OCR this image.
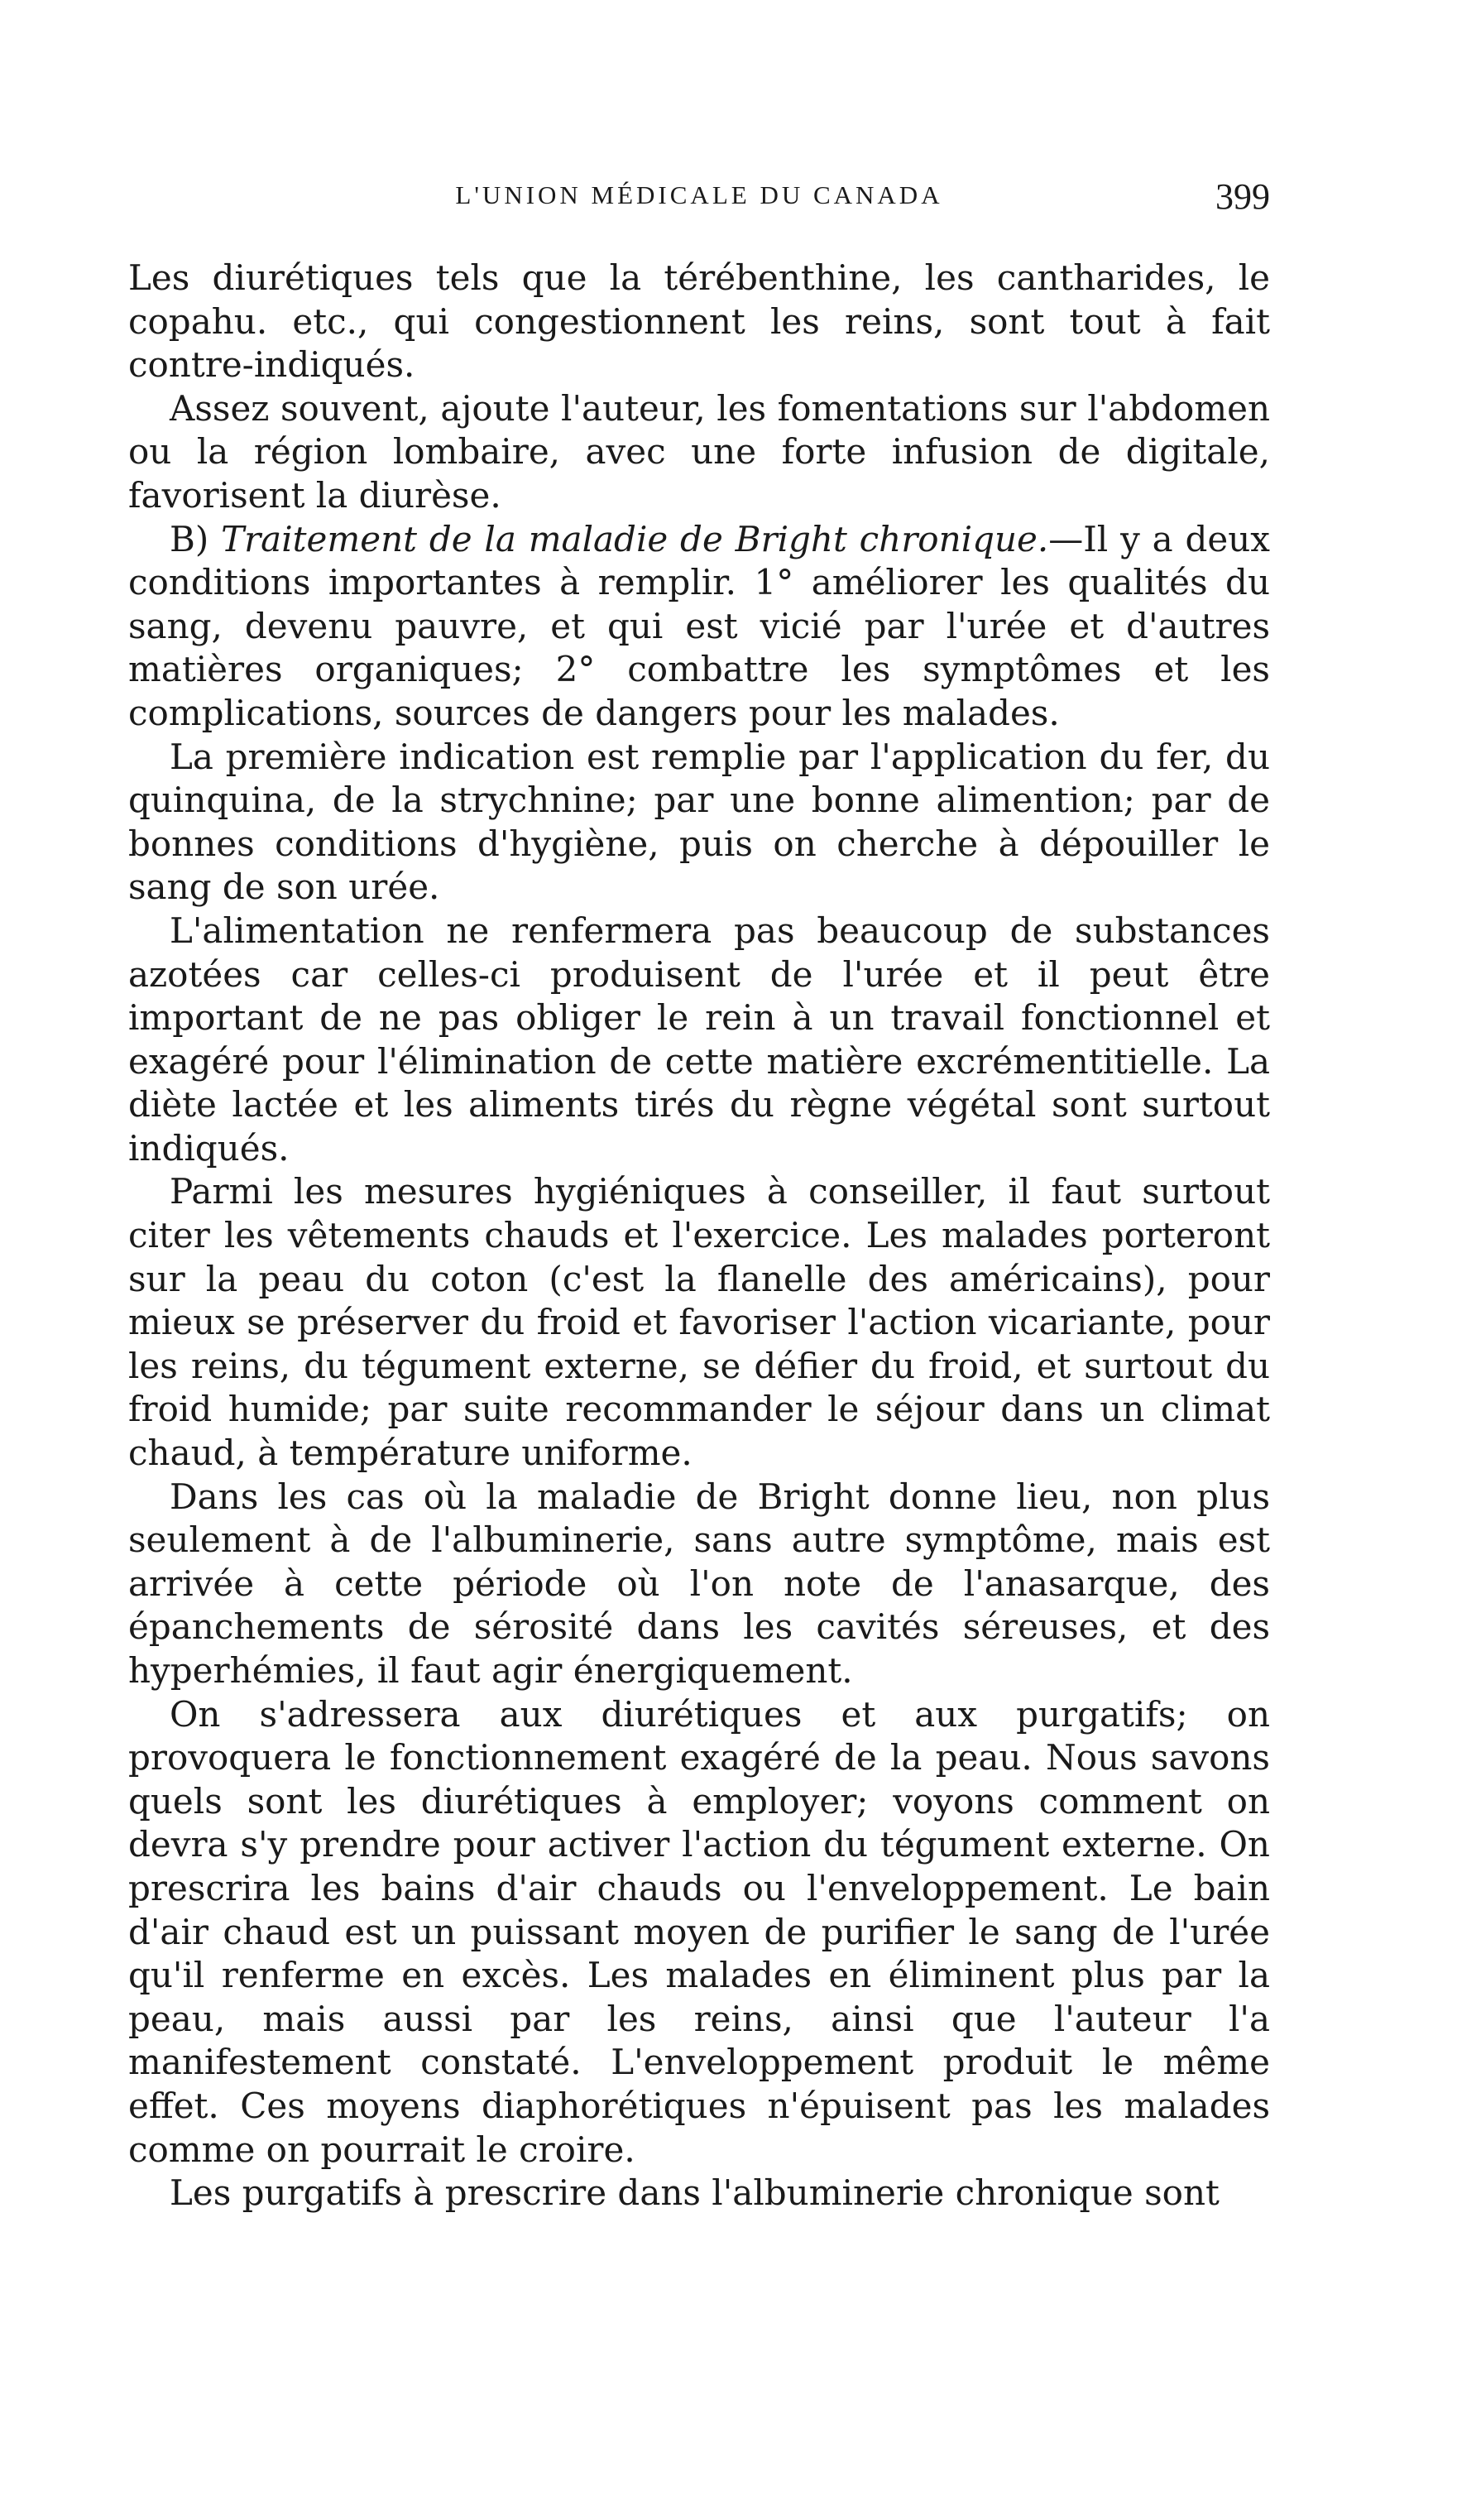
L'UNION MÉDICALE DU CANADA	399

Les diurétiques tels que la térébenthine, les cantharides, le copahu. etc., qui congestionnent les reins, sont tout à fait contre-indiqués.

Assez souvent, ajoute l'auteur, les fomentations sur l'abdomen ou la région lombaire, avec une forte infusion de digitale, favorisent la diurèse.

B) Traitement de la maladie de Bright chronique.—Il y a deux conditions importantes à remplir. 1° améliorer les qualités du sang, devenu pauvre, et qui est vicié par l'urée et d'autres matières organiques; 2° combattre les symptômes et les complications, sources de dangers pour les malades.

La première indication est remplie par l'application du fer, du quinquina, de la strychnine; par une bonne alimention; par de bonnes conditions d'hygiène, puis on cherche à dépouiller le sang de son urée.

L'alimentation ne renfermera pas beaucoup de substances azotées car celles-ci produisent de l'urée et il peut être important de ne pas obliger le rein à un travail fonctionnel et exagéré pour l'élimination de cette matière excrémentitielle. La diète lactée et les aliments tirés du règne végétal sont surtout indiqués.

Parmi les mesures hygiéniques à conseiller, il faut surtout citer les vêtements chauds et l'exercice. Les malades porteront sur la peau du coton (c'est la flanelle des américains), pour mieux se préserver du froid et favoriser l'action vicariante, pour les reins, du tégument externe, se défier du froid, et surtout du froid humide; par suite recommander le séjour dans un climat chaud, à température uniforme.

Dans les cas où la maladie de Bright donne lieu, non plus seulement à de l'albuminerie, sans autre symptôme, mais est arrivée à cette période où l'on note de l'anasarque, des épanchements de sérosité dans les cavités séreuses, et des hyperhémies, il faut agir énergiquement.

On s'adressera aux diurétiques et aux purgatifs; on provoquera le fonctionnement exagéré de la peau. Nous savons quels sont les diurétiques à employer; voyons comment on devra s'y prendre pour activer l'action du tégument externe. On prescrira les bains d'air chauds ou l'enveloppement. Le bain d'air chaud est un puissant moyen de purifier le sang de l'urée qu'il renferme en excès. Les malades en éliminent plus par la peau, mais aussi par les reins, ainsi que l'auteur l'a manifestement constaté. L'enveloppement produit le même effet. Ces moyens diaphorétiques n'épuisent pas les malades comme on pourrait le croire.

Les purgatifs à prescrire dans l'albuminerie chronique sont
